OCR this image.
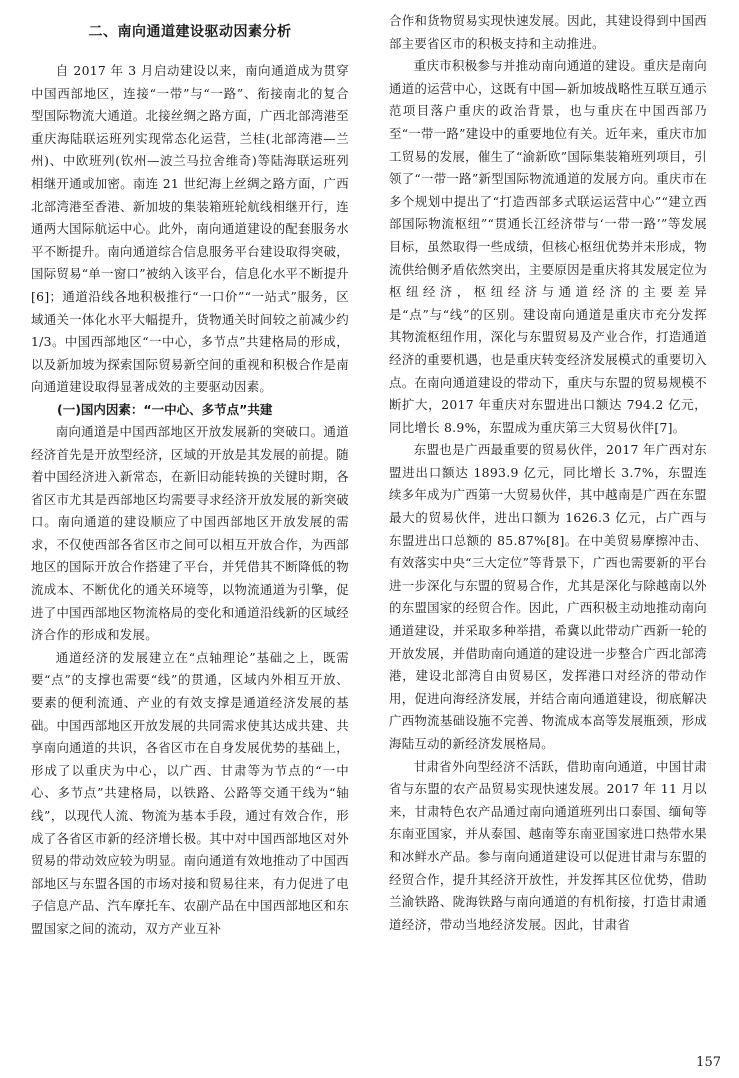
二、南向通道建设驱动因素分析

自 2017 年 3 月启动建设以来，南向通道成为贯穿中国西部地区，连接“一带”与“一路”、衔接南北的复合型国际物流大通道。北接丝绸之路方面，广西北部湾港至重庆海陆联运班列实现常态化运营，兰桂(北部湾港—兰州)、中欧班列(钦州—波兰马拉舍维奇)等陆海联运班列相继开通或加密。南连 21 世纪海上丝绸之路方面，广西北部湾港至香港、新加坡的集装箱班轮航线相继开行，连通两大国际航运中心。此外，南向通道建设的配套服务水平不断提升。南向通道综合信息服务平台建设取得突破，国际贸易“单一窗口”被纳入该平台，信息化水平不断提升[6]；通道沿线各地积极推行“一口价”“一站式”服务，区域通关一体化水平大幅提升，货物通关时间较之前减少约 1/3。中国西部地区“一中心，多节点”共建格局的形成，以及新加坡为探索国际贸易新空间的重视和积极合作是南向通道建设取得显著成效的主要驱动因素。

(一)国内因素：“一中心、多节点”共建

南向通道是中国西部地区开放发展新的突破口。通道经济首先是开放型经济，区域的开放是其发展的前提。随着中国经济进入新常态，在新旧动能转换的关键时期，各省区市尤其是西部地区均需要寻求经济开放发展的新突破口。南向通道的建设顺应了中国西部地区开放发展的需求，不仅使西部各省区市之间可以相互开放合作，为西部地区的国际开放合作搭建了平台，并凭借其不断降低的物流成本、不断优化的通关环境等，以物流通道为引擎，促进了中国西部地区物流格局的变化和通道沿线新的区域经济合作的形成和发展。

通道经济的发展建立在“点轴理论”基础之上，既需要“点”的支撑也需要“线”的贯通，区域内外相互开放、要素的便利流通、产业的有效支撑是通道经济发展的基础。中国西部地区开放发展的共同需求使其达成共建、共享南向通道的共识，各省区市在自身发展优势的基础上，形成了以重庆为中心，以广西、甘肃等为节点的“一中心、多节点”共建格局，以铁路、公路等交通干线为“轴线”，以现代人流、物流为基本手段，通过有效合作，形成了各省区市新的经济增长极。其中对中国西部地区对外贸易的带动效应较为明显。南向通道有效地推动了中国西部地区与东盟各国的市场对接和贸易往来，有力促进了电子信息产品、汽车摩托车、农副产品在中国西部地区和东盟国家之间的流动，双方产业互补

合作和货物贸易实现快速发展。因此，其建设得到中国西部主要省区市的积极支持和主动推进。

重庆市积极参与并推动南向通道的建设。重庆是南向通道的运营中心，这既有中国—新加坡战略性互联互通示范项目落户重庆的政治背景，也与重庆在中国西部乃至“一带一路”建设中的重要地位有关。近年来，重庆市加工贸易的发展，催生了“渝新欧”国际集装箱班列项目，引领了“一带一路”新型国际物流通道的发展方向。重庆市在多个规划中提出了“打造西部多式联运运营中心”“建立西部国际物流枢纽”“贯通长江经济带与‘一带一路’”等发展目标，虽然取得一些成绩，但核心枢纽优势并未形成，物流供给侧矛盾依然突出，主要原因是重庆将其发展定位为枢纽经济，枢纽经济与通道经济的主要差异是“点”与“线”的区别。建设南向通道是重庆市充分发挥其物流枢纽作用，深化与东盟贸易及产业合作，打造通道经济的重要机遇，也是重庆转变经济发展模式的重要切入点。在南向通道建设的带动下，重庆与东盟的贸易规模不断扩大，2017 年重庆对东盟进出口额达 794.2 亿元，同比增长 8.9%，东盟成为重庆第三大贸易伙伴[7]。

东盟也是广西最重要的贸易伙伴，2017 年广西对东盟进出口额达 1893.9 亿元，同比增长 3.7%，东盟连续多年成为广西第一大贸易伙伴，其中越南是广西在东盟最大的贸易伙伴，进出口额为 1626.3 亿元，占广西与东盟进出口总额的 85.87%[8]。在中美贸易摩擦冲击、有效落实中央“三大定位”等背景下，广西也需要新的平台进一步深化与东盟的贸易合作，尤其是深化与除越南以外的东盟国家的经贸合作。因此，广西积极主动地推动南向通道建设，并采取多种举措，希冀以此带动广西新一轮的开放发展，并借助南向通道的建设进一步整合广西北部湾港，建设北部湾自由贸易区，发挥港口对经济的带动作用，促进向海经济发展，并结合南向通道建设，彻底解决广西物流基础设施不完善、物流成本高等发展瓶颈，形成海陆互动的新经济发展格局。

甘肃省外向型经济不活跃，借助南向通道，中国甘肃省与东盟的农产品贸易实现快速发展。2017 年 11 月以来，甘肃特色农产品通过南向通道班列出口泰国、缅甸等东南亚国家，并从泰国、越南等东南亚国家进口热带水果和冰鲜水产品。参与南向通道建设可以促进甘肃与东盟的经贸合作，提升其经济开放性，并发挥其区位优势，借助兰渝铁路、陇海铁路与南向通道的有机衔接，打造甘肃通道经济，带动当地经济发展。因此，甘肃省

157
